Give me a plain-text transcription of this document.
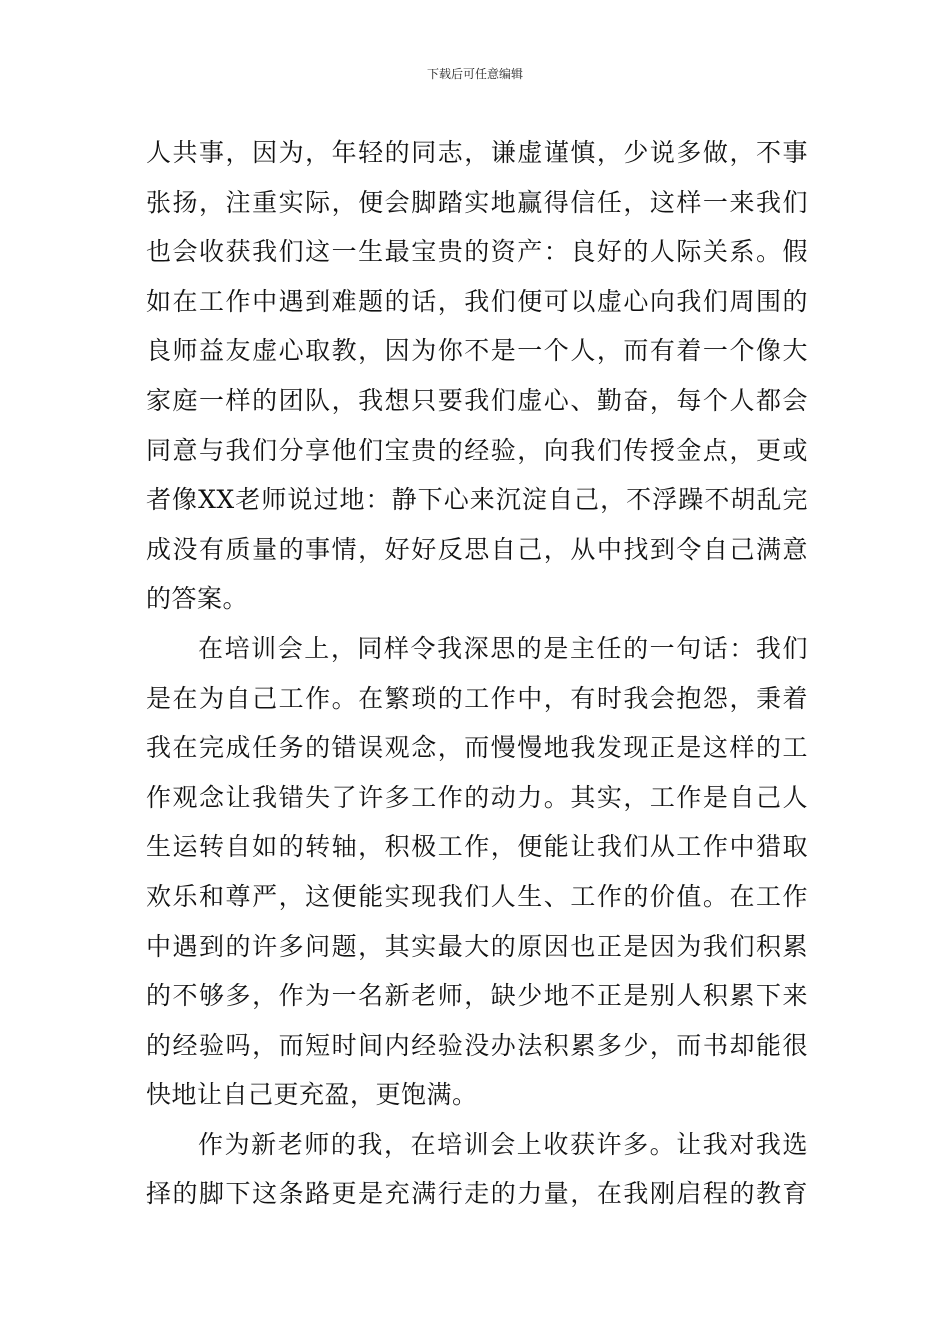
下载后可任意编辑
人共事，因为，年轻的同志，谦虚谨慎，少说多做，不事
张扬，注重实际，便会脚踏实地赢得信任，这样一来我们
也会收获我们这一生最宝贵的资产：良好的人际关系。假
如在工作中遇到难题的话，我们便可以虚心向我们周围的
良师益友虚心取教，因为你不是一个人，而有着一个像大
家庭一样的团队，我想只要我们虚心、勤奋，每个人都会
同意与我们分享他们宝贵的经验，向我们传授金点，更或
者像XX老师说过地：静下心来沉淀自己，不浮躁不胡乱完
成没有质量的事情，好好反思自己，从中找到令自己满意
的答案。
在培训会上，同样令我深思的是主任的一句话：我们
是在为自己工作。在繁琐的工作中，有时我会抱怨，秉着
我在完成任务的错误观念，而慢慢地我发现正是这样的工
作观念让我错失了许多工作的动力。其实，工作是自己人
生运转自如的转轴，积极工作，便能让我们从工作中猎取
欢乐和尊严，这便能实现我们人生、工作的价值。在工作
中遇到的许多问题，其实最大的原因也正是因为我们积累
的不够多，作为一名新老师，缺少地不正是别人积累下来
的经验吗，而短时间内经验没办法积累多少，而书却能很
快地让自己更充盈，更饱满。
作为新老师的我，在培训会上收获许多。让我对我选
择的脚下这条路更是充满行走的力量，在我刚启程的教育
